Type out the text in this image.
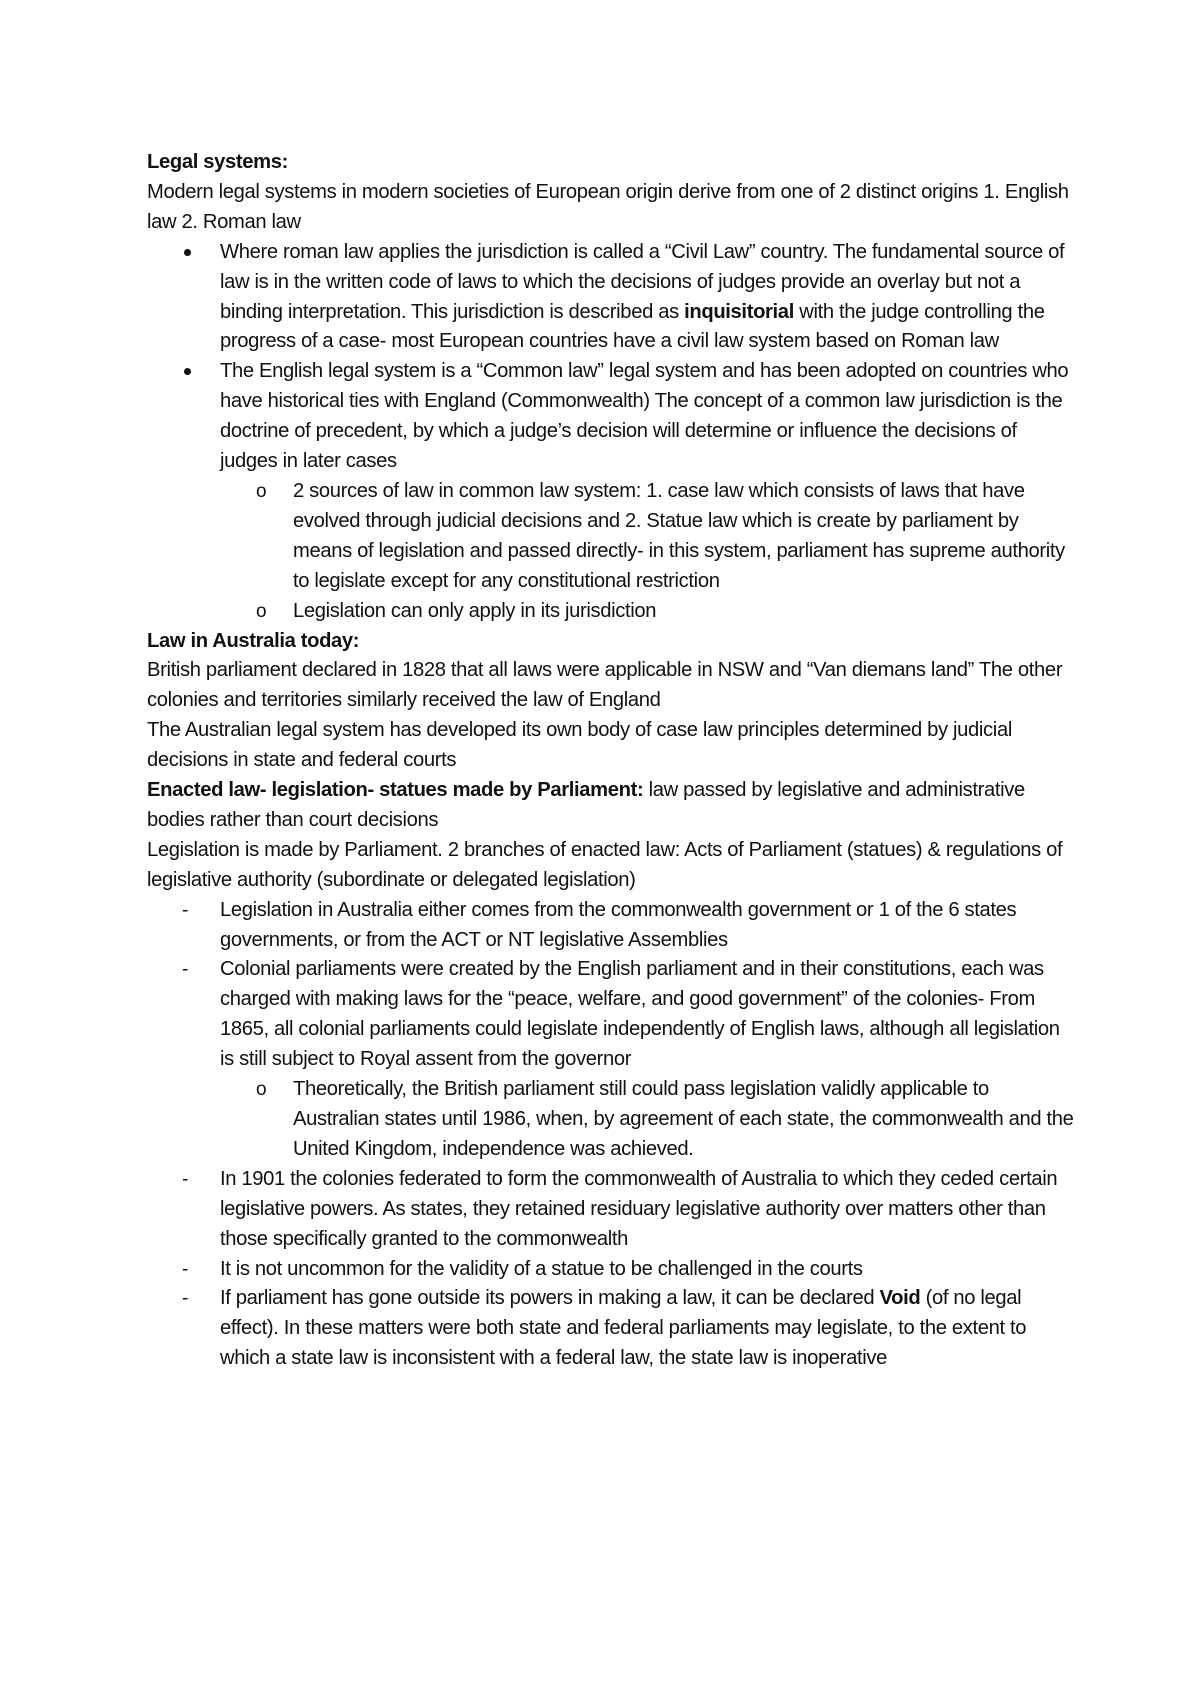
Legal systems:

Modern legal systems in modern societies of European origin derive from one of 2 distinct origins 1. English law 2. Roman law

Where roman law applies the jurisdiction is called a “Civil Law” country. The fundamental source of law is in the written code of laws to which the decisions of judges provide an overlay but not a binding interpretation. This jurisdiction is described as inquisitorial with the judge controlling the progress of a case- most European countries have a civil law system based on Roman law
The English legal system is a “Common law” legal system and has been adopted on countries who have historical ties with England (Commonwealth) The concept of a common law jurisdiction is the doctrine of precedent, by which a judge’s decision will determine or influence the decisions of judges in later cases
o 2 sources of law in common law system: 1. case law which consists of laws that have evolved through judicial decisions and 2. Statue law which is create by parliament by means of legislation and passed directly- in this system, parliament has supreme authority to legislate except for any constitutional restriction
o Legislation can only apply in its jurisdiction

Law in Australia today:

British parliament declared in 1828 that all laws were applicable in NSW and “Van diemans land” The other colonies and territories similarly received the law of England

The Australian legal system has developed its own body of case law principles determined by judicial decisions in state and federal courts

Enacted law- legislation- statues made by Parliament: law passed by legislative and administrative bodies rather than court decisions

Legislation is made by Parliament. 2 branches of enacted law: Acts of Parliament (statues) & regulations of legislative authority (subordinate or delegated legislation)

- Legislation in Australia either comes from the commonwealth government or 1 of the 6 states governments, or from the ACT or NT legislative Assemblies
- Colonial parliaments were created by the English parliament and in their constitutions, each was charged with making laws for the “peace, welfare, and good government” of the colonies- From 1865, all colonial parliaments could legislate independently of English laws, although all legislation is still subject to Royal assent from the governor
o Theoretically, the British parliament still could pass legislation validly applicable to Australian states until 1986, when, by agreement of each state, the commonwealth and the United Kingdom, independence was achieved.
- In 1901 the colonies federated to form the commonwealth of Australia to which they ceded certain legislative powers. As states, they retained residuary legislative authority over matters other than those specifically granted to the commonwealth
- It is not uncommon for the validity of a statue to be challenged in the courts
- If parliament has gone outside its powers in making a law, it can be declared Void (of no legal effect). In these matters were both state and federal parliaments may legislate, to the extent to which a state law is inconsistent with a federal law, the state law is inoperative
